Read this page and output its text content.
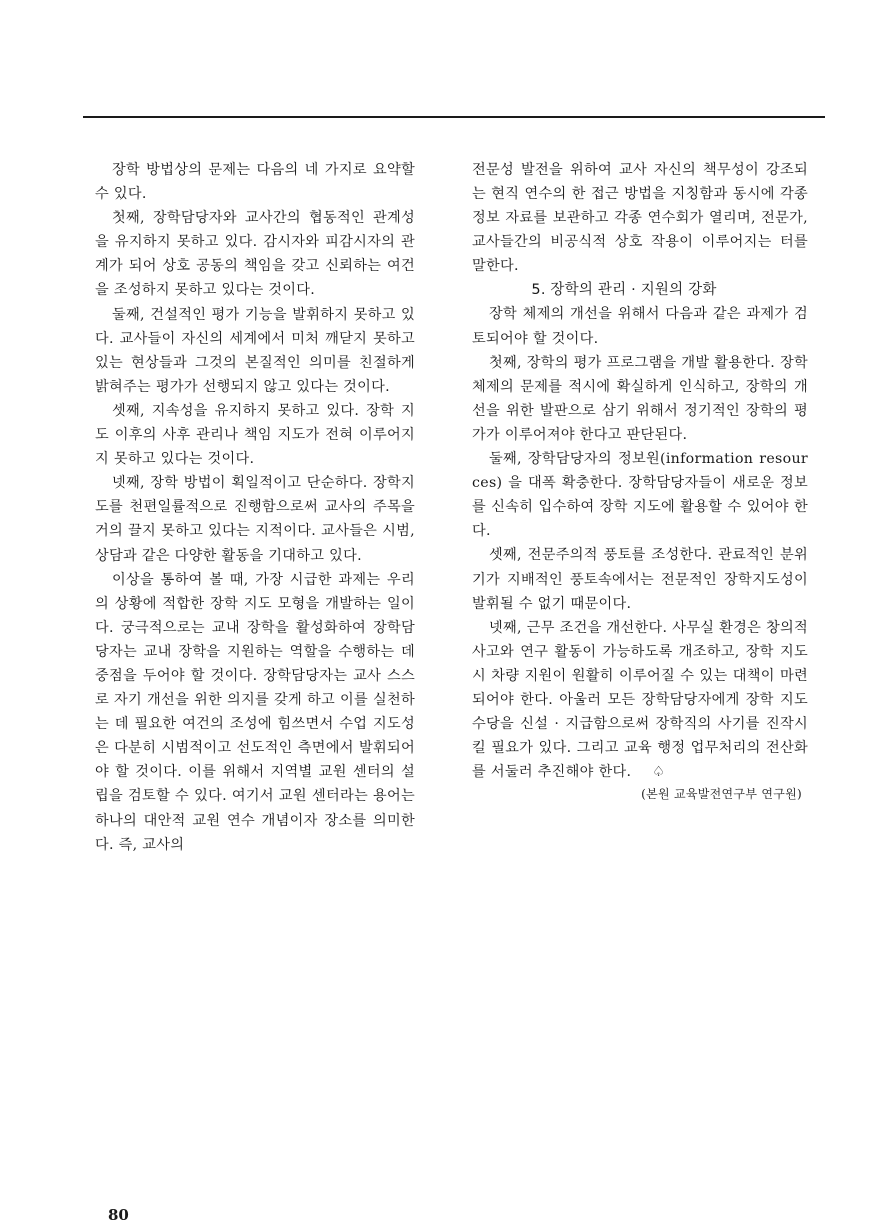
장학 방법상의 문제는 다음의 네 가지로 요약할 수 있다.

첫째, 장학담당자와 교사간의 협동적인 관계성을 유지하지 못하고 있다. 감시자와 피감시자의 관계가 되어 상호 공동의 책임을 갖고 신뢰하는 여건을 조성하지 못하고 있다는 것이다.

둘째, 건설적인 평가 기능을 발휘하지 못하고 있다. 교사들이 자신의 세계에서 미처 깨닫지 못하고 있는 현상들과 그것의 본질적인 의미를 친절하게 밝혀주는 평가가 선행되지 않고 있다는 것이다.

셋째, 지속성을 유지하지 못하고 있다. 장학 지도 이후의 사후 관리나 책임 지도가 전혀 이루어지지 못하고 있다는 것이다.

넷째, 장학 방법이 획일적이고 단순하다. 장학지도를 천편일률적으로 진행함으로써 교사의 주목을 거의 끌지 못하고 있다는 지적이다. 교사들은 시범, 상담과 같은 다양한 활동을 기대하고 있다.

이상을 통하여 볼 때, 가장 시급한 과제는 우리의 상황에 적합한 장학 지도 모형을 개발하는 일이다. 궁극적으로는 교내 장학을 활성화하여 장학담당자는 교내 장학을 지원하는 역할을 수행하는 데 중점을 두어야 할 것이다. 장학담당자는 교사 스스로 자기 개선을 위한 의지를 갖게 하고 이를 실천하는 데 필요한 여건의 조성에 힘쓰면서 수업 지도성은 다분히 시범적이고 선도적인 측면에서 발휘되어야 할 것이다. 이를 위해서 지역별 교원 센터의 설립을 검토할 수 있다. 여기서 교원 센터라는 용어는 하나의 대안적 교원 연수 개념이자 장소를 의미한다. 즉, 교사의

전문성 발전을 위하여 교사 자신의 책무성이 강조되는 현직 연수의 한 접근 방법을 지칭함과 동시에 각종 정보 자료를 보관하고 각종 연수회가 열리며, 전문가, 교사들간의 비공식적 상호 작용이 이루어지는 터를 말한다.

5. 장학의 관리 · 지원의 강화

장학 체제의 개선을 위해서 다음과 같은 과제가 검토되어야 할 것이다.

첫째, 장학의 평가 프로그램을 개발 활용한다. 장학 체제의 문제를 적시에 확실하게 인식하고, 장학의 개선을 위한 발판으로 삼기 위해서 정기적인 장학의 평가가 이루어져야 한다고 판단된다.

둘째, 장학담당자의 정보원(information resources) 을 대폭 확충한다. 장학담당자들이 새로운 정보를 신속히 입수하여 장학 지도에 활용할 수 있어야 한다.

셋째, 전문주의적 풍토를 조성한다. 관료적인 분위기가 지배적인 풍토속에서는 전문적인 장학지도성이 발휘될 수 없기 때문이다.

넷째, 근무 조건을 개선한다. 사무실 환경은 창의적 사고와 연구 활동이 가능하도록 개조하고, 장학 지도시 차량 지원이 원활히 이루어질 수 있는 대책이 마련되어야 한다. 아울러 모든 장학담당자에게 장학 지도 수당을 신설 · 지급함으로써 장학직의 사기를 진작시킬 필요가 있다. 그리고 교육 행정 업무처리의 전산화를 서둘러 추진해야 한다. ♤

(본원 교육발전연구부 연구원)

80
